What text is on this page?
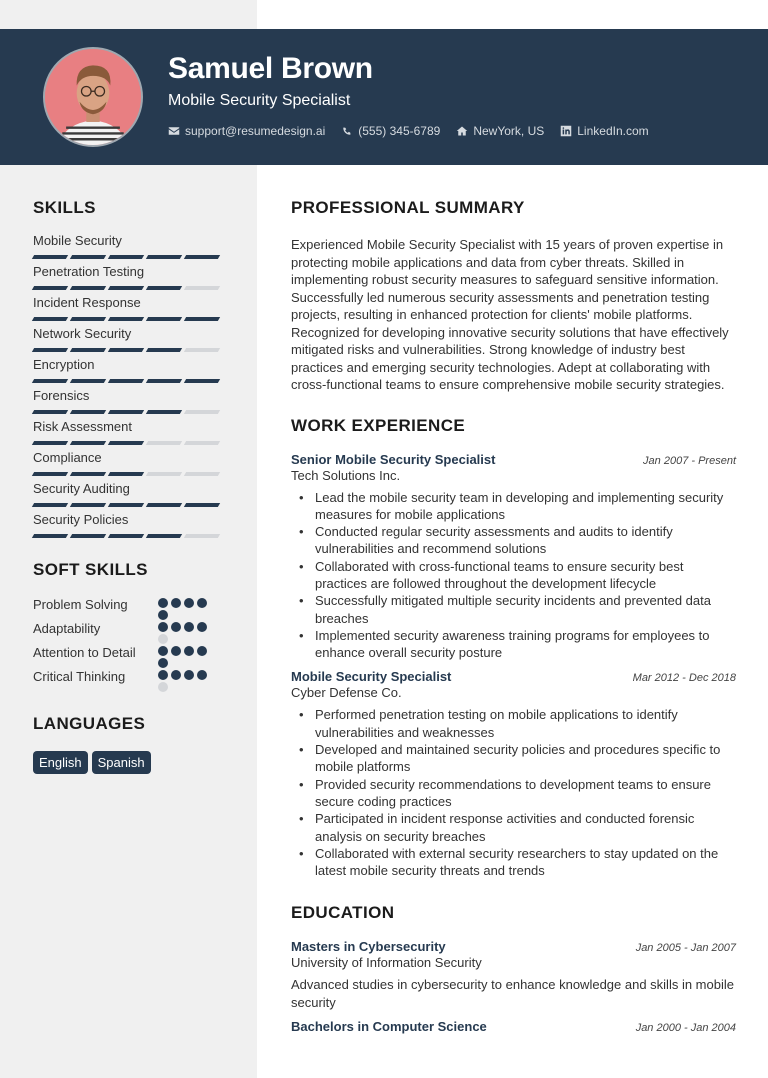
Samuel Brown
Mobile Security Specialist
support@resumedesign.ai	(555) 345-6789	NewYork, US	LinkedIn.com
SKILLS
Mobile Security
Penetration Testing
Incident Response
Network Security
Encryption
Forensics
Risk Assessment
Compliance
Security Auditing
Security Policies
SOFT SKILLS
Problem Solving
Adaptability
Attention to Detail
Critical Thinking
LANGUAGES
English	Spanish
PROFESSIONAL SUMMARY

Experienced Mobile Security Specialist with 15 years of proven expertise in protecting mobile applications and data from cyber threats. Skilled in implementing robust security measures to safeguard sensitive information. Successfully led numerous security assessments and penetration testing projects, resulting in enhanced protection for clients' mobile platforms. Recognized for developing innovative security solutions that have effectively mitigated risks and vulnerabilities. Strong knowledge of industry best practices and emerging security technologies. Adept at collaborating with cross-functional teams to ensure comprehensive mobile security strategies.

WORK EXPERIENCE
Senior Mobile Security Specialist	Jan 2007 - Present
Tech Solutions Inc.
• Lead the mobile security team in developing and implementing security measures for mobile applications
• Conducted regular security assessments and audits to identify vulnerabilities and recommend solutions
• Collaborated with cross-functional teams to ensure security best practices are followed throughout the development lifecycle
• Successfully mitigated multiple security incidents and prevented data breaches
• Implemented security awareness training programs for employees to enhance overall security posture
Mobile Security Specialist	Mar 2012 - Dec 2018
Cyber Defense Co.
• Performed penetration testing on mobile applications to identify vulnerabilities and weaknesses
• Developed and maintained security policies and procedures specific to mobile platforms
• Provided security recommendations to development teams to ensure secure coding practices
• Participated in incident response activities and conducted forensic analysis on security breaches
• Collaborated with external security researchers to stay updated on the latest mobile security threats and trends
EDUCATION
Masters in Cybersecurity	Jan 2005 - Jan 2007
University of Information Security
Advanced studies in cybersecurity to enhance knowledge and skills in mobile security
Bachelors in Computer Science	Jan 2000 - Jan 2004
